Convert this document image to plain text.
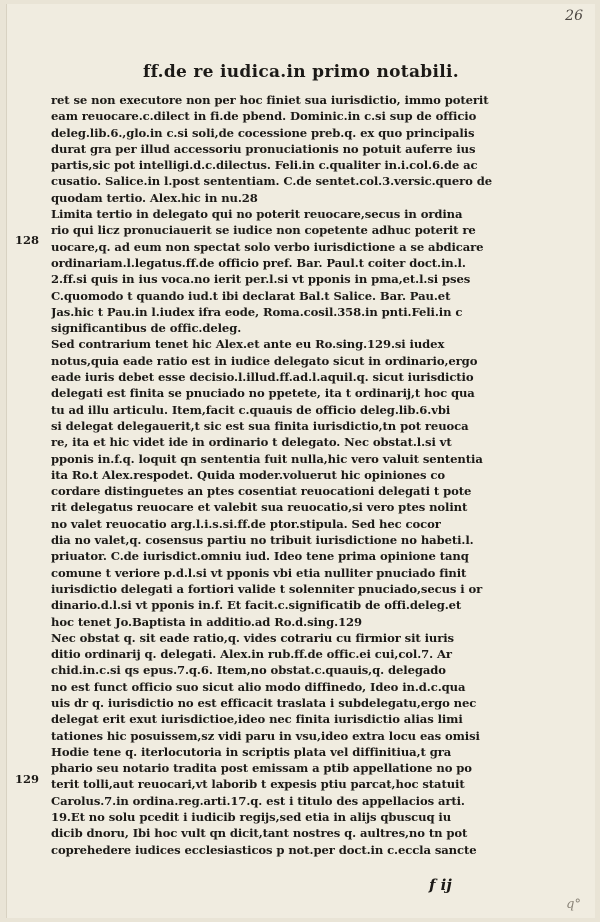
26
ff.de re iudica.in primo notabili.
128
129
ret se non executore non per hoc finiet sua iurisdictio, immo poterit
eam reuocare.c.dilect in fi.de pbend. Dominic.in c.si sup de officio
deleg.lib.6.,glo.in c.si soli,de cocessione preb.q. ex quo principalis
durat gra per illud accessoriu pronuciationis no potuit auferre ius
partis,sic pot intelligi.d.c.dilectus. Feli.in c.qualiter in.i.col.6.de ac
cusatio. Salice.in l.post sententiam. C.de sentet.col.3.versic.quero de
quodam tertio. Alex.hic in nu.28
Limita tertio in delegato qui no poterit reuocare,secus in ordina
rio qui licz pronuciauerit se iudice non copetente adhuc poterit re
uocare,q. ad eum non spectat solo verbo iurisdictione a se abdicare
ordinariam.l.legatus.ff.de officio pref. Bar. Paul.t coiter doct.in.l.
2.ff.si quis in ius voca.no ierit per.l.si vt pponis in pma,et.l.si pses
C.quomodo t quando iud.t ibi declarat Bal.t Salice. Bar. Pau.et
Jas.hic t Pau.in l.iudex ifra eode, Roma.cosil.358.in pnti.Feli.in c
significantibus de offic.deleg.
Sed contrarium tenet hic Alex.et ante eu Ro.sing.129.si iudex
notus,quia eade ratio est in iudice delegato sicut in ordinario,ergo
eade iuris debet esse decisio.l.illud.ff.ad.l.aquil.q. sicut iurisdictio
delegati est finita se pnuciado no ppetete, ita t ordinarij,t hoc qua
tu ad illu articulu. Item,facit c.quauis de officio deleg.lib.6.vbi
si delegat delegauerit,t sic est sua finita iurisdictio,tn pot reuoca
re, ita et hic videt ide in ordinario t delegato. Nec obstat.l.si vt
pponis in.f.q. loquit qn sententia fuit nulla,hic vero valuit sententia
ita Ro.t Alex.respodet. Quida moder.voluerut hic opiniones co
cordare distinguetes an ptes cosentiat reuocationi delegati t pote
rit delegatus reuocare et valebit sua reuocatio,si vero ptes nolint
no valet reuocatio arg.l.i.s.si.ff.de ptor.stipula. Sed hec cocor
dia no valet,q. cosensus partiu no tribuit iurisdictione no habeti.l.
priuator. C.de iurisdict.omniu iud. Ideo tene prima opinione tanq
comune t veriore p.d.l.si vt pponis vbi etia nulliter pnuciado finit
iurisdictio delegati a fortiori valide t solenniter pnuciado,secus i or
dinario.d.l.si vt pponis in.f. Et facit.c.significatib de offi.deleg.et
hoc tenet Jo.Baptista in additio.ad Ro.d.sing.129
Nec obstat q. sit eade ratio,q. vides cotrariu cu firmior sit iuris
ditio ordinarij q. delegati. Alex.in rub.ff.de offic.ei cui,col.7. Ar
chid.in.c.si qs epus.7.q.6. Item,no obstat.c.quauis,q. delegado
no est funct officio suo sicut alio modo diffinedo, Ideo in.d.c.qua
uis dr q. iurisdictio no est efficacit traslata i subdelegatu,ergo nec
delegat erit exut iurisdictioe,ideo nec finita iurisdictio alias limi
tationes hic posuissem,sz vidi paru in vsu,ideo extra locu eas omisi
Hodie tene q. iterlocutoria in scriptis plata vel diffinitiua,t gra
phario seu notario tradita post emissam a ptib appellatione no po
terit tolli,aut reuocari,vt laborib t expesis ptiu parcat,hoc statuit
Carolus.7.in ordina.reg.arti.17.q. est i titulo des appellacios arti.
19.Et no solu pcedit i iudicib regijs,sed etia in alijs qbuscuq iu
dicib dnoru, Ibi hoc vult qn dicit,tant nostres q. aultres,no tn pot
coprehedere iudices ecclesiasticos p not.per doct.in c.eccla sancte
f ij
q°
